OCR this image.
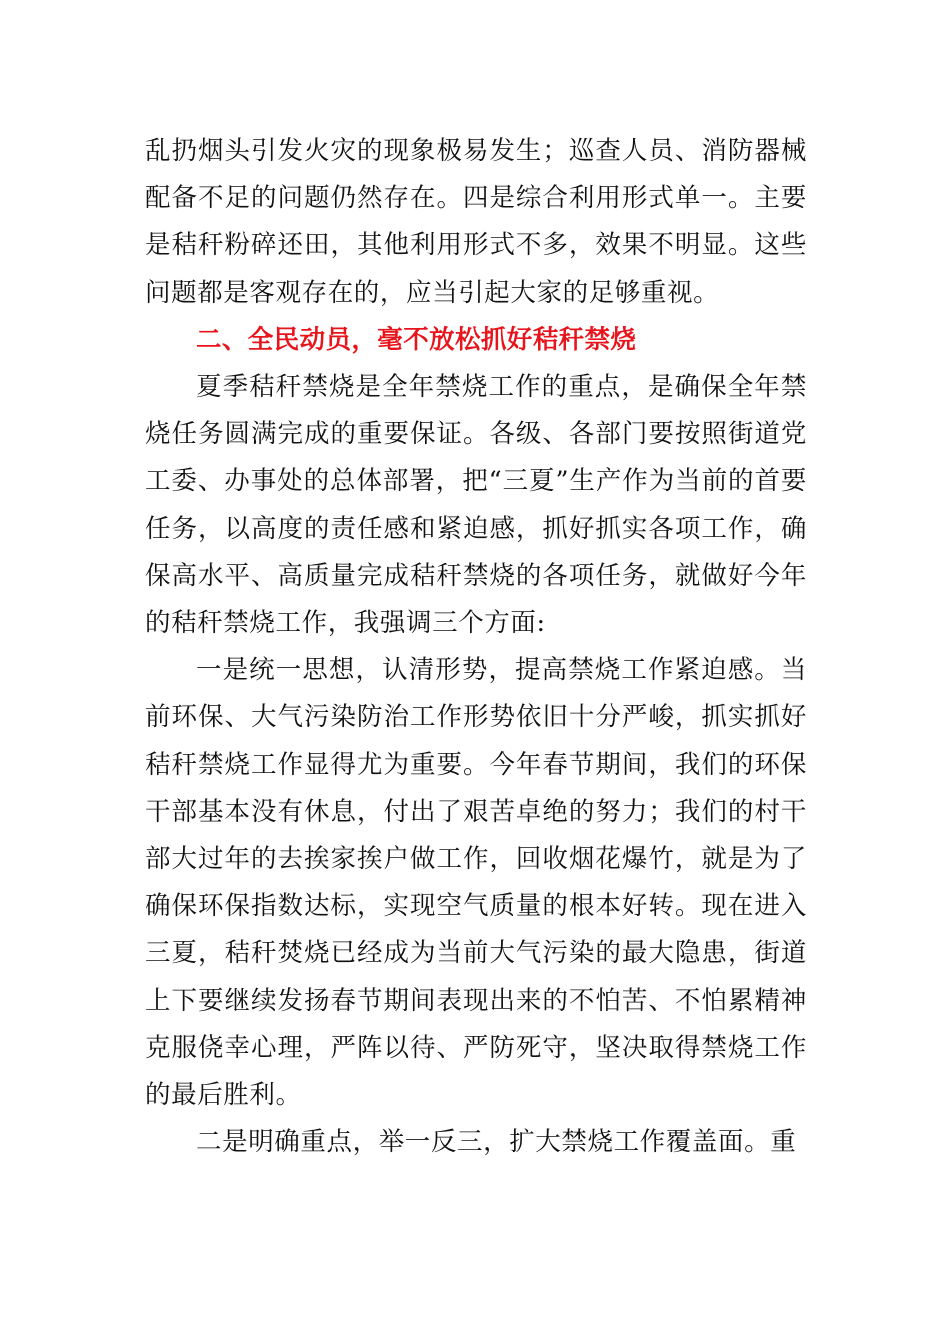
乱扔烟头引发火灾的现象极易发生；巡查人员、消防器械配备不足的问题仍然存在。四是综合利用形式单一。主要是秸秆粉碎还田，其他利用形式不多，效果不明显。这些问题都是客观存在的，应当引起大家的足够重视。

二、全民动员，毫不放松抓好秸秆禁烧

夏季秸秆禁烧是全年禁烧工作的重点，是确保全年禁烧任务圆满完成的重要保证。各级、各部门要按照街道党工委、办事处的总体部署，把“三夏”生产作为当前的首要任务，以高度的责任感和紧迫感，抓好抓实各项工作，确保高水平、高质量完成秸秆禁烧的各项任务，就做好今年的秸秆禁烧工作，我强调三个方面:

一是统一思想，认清形势，提高禁烧工作紧迫感。当前环保、大气污染防治工作形势依旧十分严峻，抓实抓好秸秆禁烧工作显得尤为重要。今年春节期间，我们的环保干部基本没有休息，付出了艰苦卓绝的努力；我们的村干部大过年的去挨家挨户做工作，回收烟花爆竹，就是为了确保环保指数达标，实现空气质量的根本好转。现在进入三夏，秸秆焚烧已经成为当前大气污染的最大隐患，街道上下要继续发扬春节期间表现出来的不怕苦、不怕累精神克服侥幸心理，严阵以待、严防死守，坚决取得禁烧工作的最后胜利。

二是明确重点，举一反三，扩大禁烧工作覆盖面。重
